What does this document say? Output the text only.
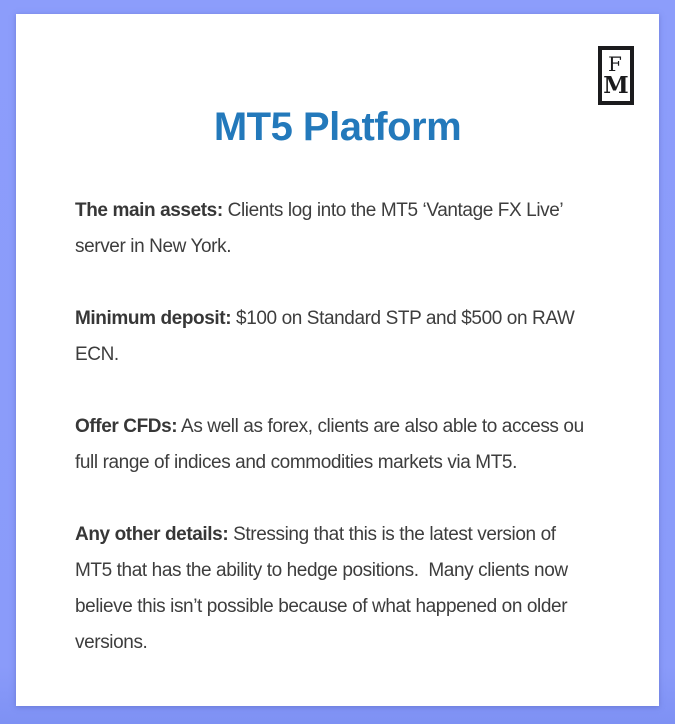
F
M
MT5 Platform

The main assets: Clients log into the MT5 ‘Vantage FX Live’
server in New York.

Minimum deposit: $100 on Standard STP and $500 on RAW
ECN.

Offer CFDs: As well as forex, clients are also able to access ou
full range of indices and commodities markets via MT5.

Any other details: Stressing that this is the latest version of
MT5 that has the ability to hedge positions.  Many clients now
believe this isn’t possible because of what happened on older
versions.
